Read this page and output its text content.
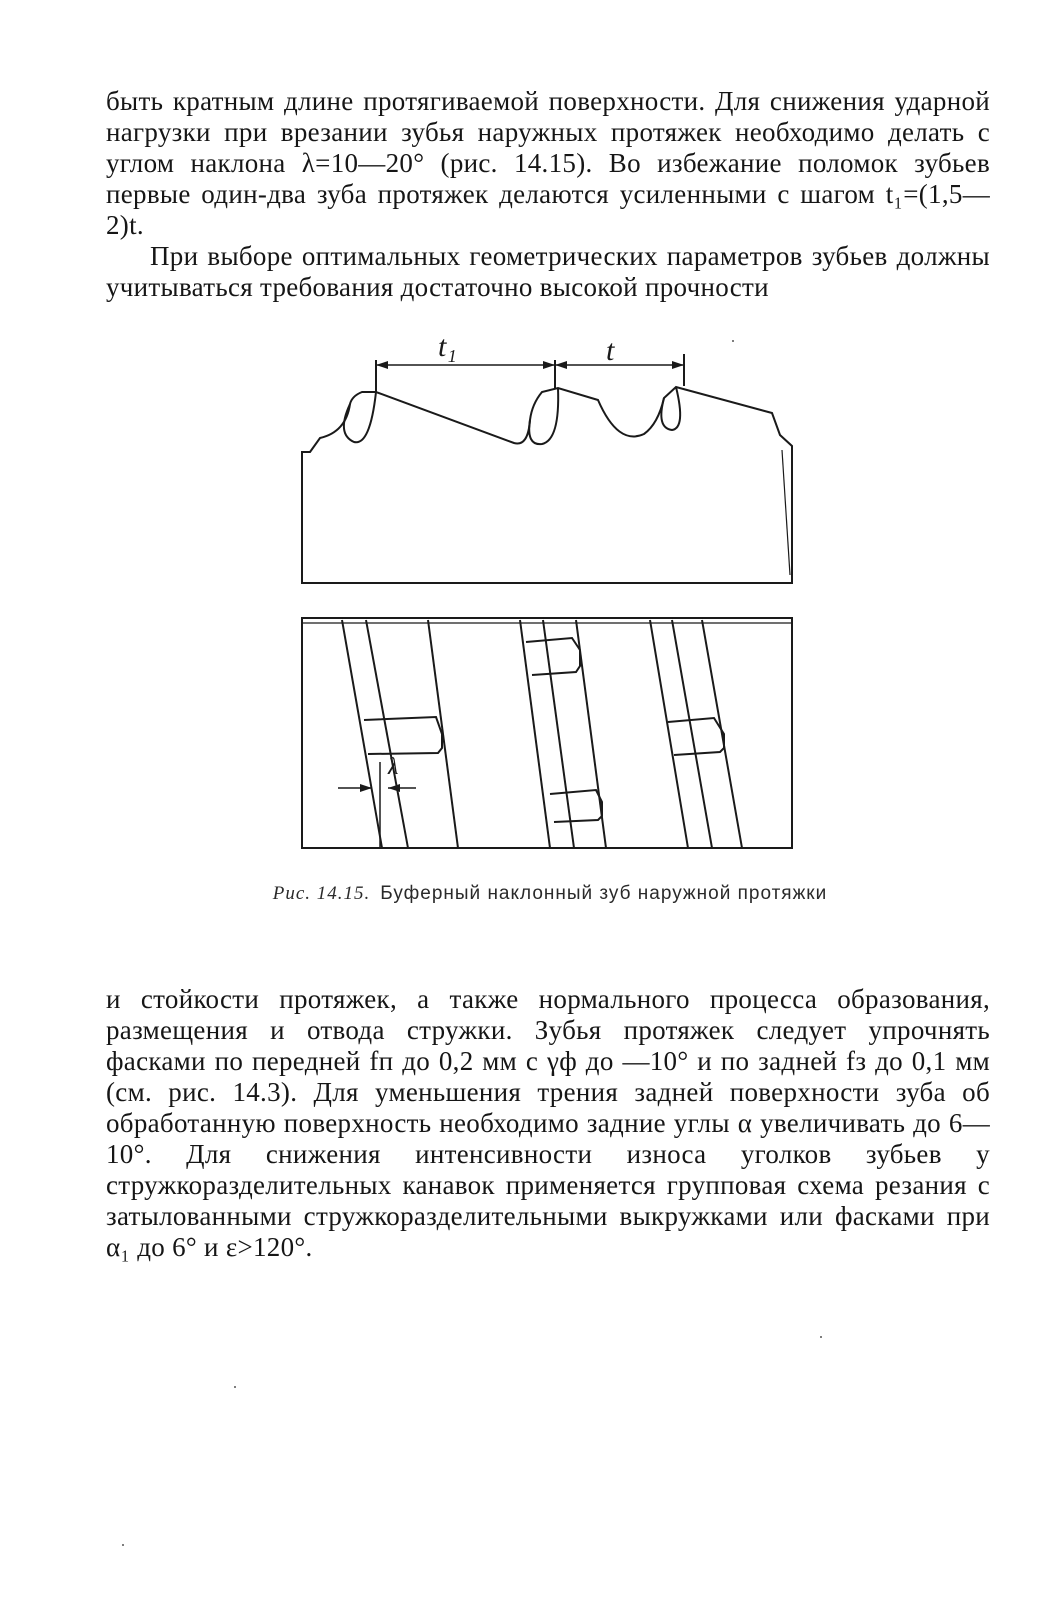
быть кратным длине протягиваемой поверхности. Для снижения ударной нагрузки при врезании зубья наружных протяжек необходимо делать с углом наклона λ=10—20° (рис. 14.15). Во избежание поломок зубьев первые один-два зуба протяжек делаются усиленными с шагом t₁=(1,5—2)t.

При выборе оптимальных геометрических параметров зубьев должны учитываться требования достаточно высокой прочности

t₁	t
λ
Рис. 14.15. Буферный наклонный зуб наружной протяжки

и стойкости протяжек, а также нормального процесса образования, размещения и отвода стружки. Зубья протяжек следует упрочнять фасками по передней fп до 0,2 мм с γф до —10° и по задней fз до 0,1 мм (см. рис. 14.3). Для уменьшения трения задней поверхности зуба об обработанную поверхность необходимо задние углы α увеличивать до 6—10°. Для снижения интенсивности износа уголков зубьев у стружкоразделительных канавок применяется групповая схема резания с затылованными стружкоразделительными выкружками или фасками при α₁ до 6° и ε>120°.
